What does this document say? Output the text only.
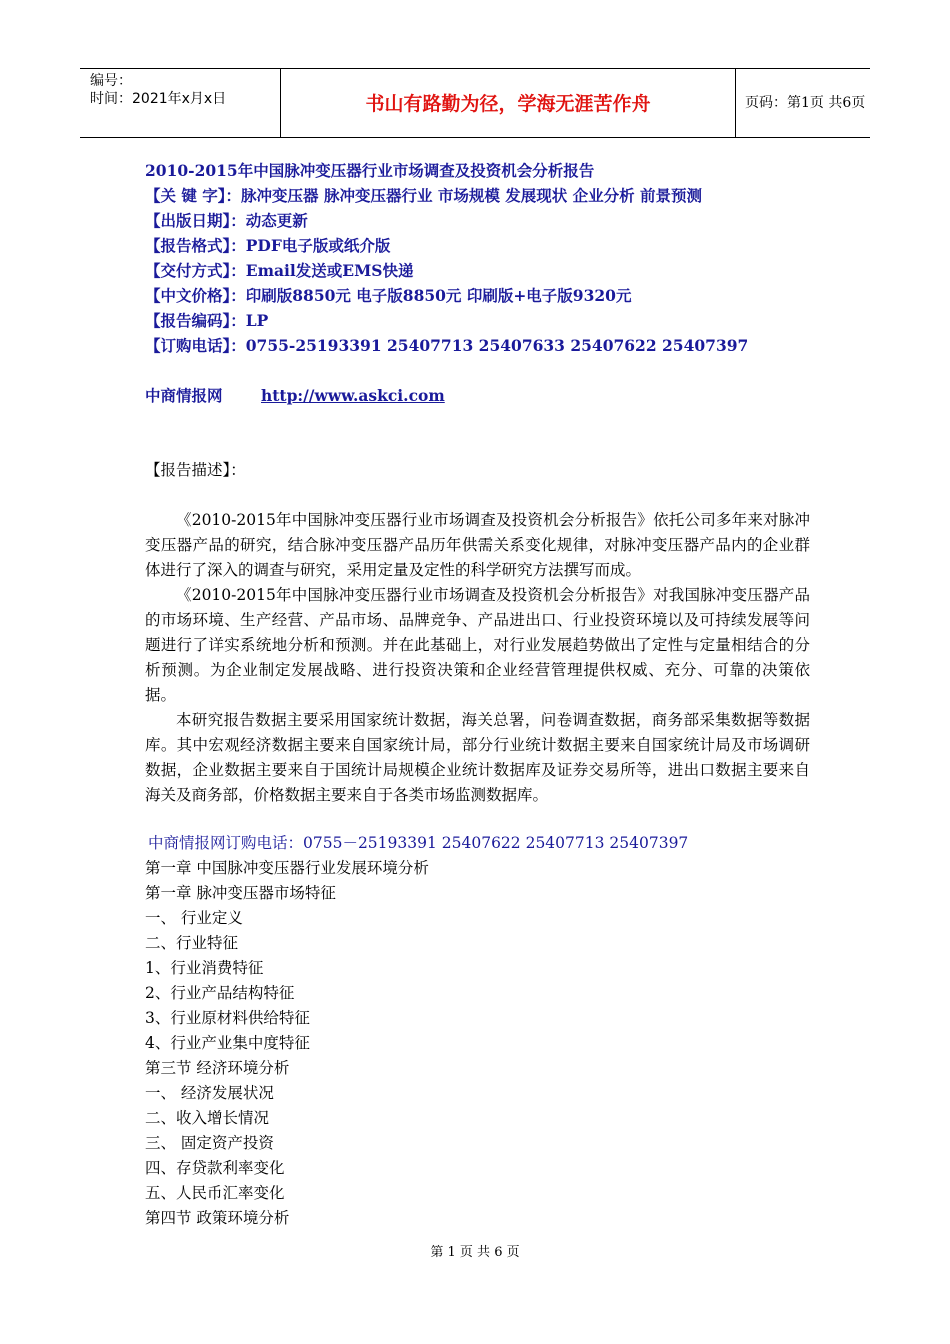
编号：
时间：2021年x月x日	书山有路勤为径，学海无涯苦作舟	页码：第1页 共6页
2010-2015年中国脉冲变压器行业市场调查及投资机会分析报告
【关 键 字】：脉冲变压器 脉冲变压器行业 市场规模 发展现状 企业分析 前景预测
【出版日期】：动态更新
【报告格式】：PDF电子版或纸介版
【交付方式】：Email发送或EMS快递
【中文价格】：印刷版8850元 电子版8850元 印刷版+电子版9320元
【报告编码】：LP
【订购电话】：0755-25193391 25407713 25407633 25407622 25407397
中商情报网 http://www.askci.com
【报告描述】：

《2010-2015年中国脉冲变压器行业市场调查及投资机会分析报告》依托公司多年来对脉冲变压器产品的研究，结合脉冲变压器产品历年供需关系变化规律，对脉冲变压器产品内的企业群体进行了深入的调查与研究，采用定量及定性的科学研究方法撰写而成。

《2010-2015年中国脉冲变压器行业市场调查及投资机会分析报告》对我国脉冲变压器产品的市场环境、生产经营、产品市场、品牌竞争、产品进出口、行业投资环境以及可持续发展等问题进行了详实系统地分析和预测。并在此基础上，对行业发展趋势做出了定性与定量相结合的分析预测。为企业制定发展战略、进行投资决策和企业经营管理提供权威、充分、可靠的决策依据。

本研究报告数据主要采用国家统计数据，海关总署，问卷调查数据，商务部采集数据等数据库。其中宏观经济数据主要来自国家统计局，部分行业统计数据主要来自国家统计局及市场调研数据，企业数据主要来自于国统计局规模企业统计数据库及证券交易所等，进出口数据主要来自海关及商务部，价格数据主要来自于各类市场监测数据库。

中商情报网订购电话：0755－25193391 25407622 25407713 25407397
第一章 中国脉冲变压器行业发展环境分析
第一章 脉冲变压器市场特征
一、 行业定义
二、行业特征
1、行业消费特征
2、行业产品结构特征
3、行业原材料供给特征
4、行业产业集中度特征
第三节 经济环境分析
一、 经济发展状况
二、收入增长情况
三、 固定资产投资
四、存贷款利率变化
五、人民币汇率变化
第四节 政策环境分析
第 1 页 共 6 页
